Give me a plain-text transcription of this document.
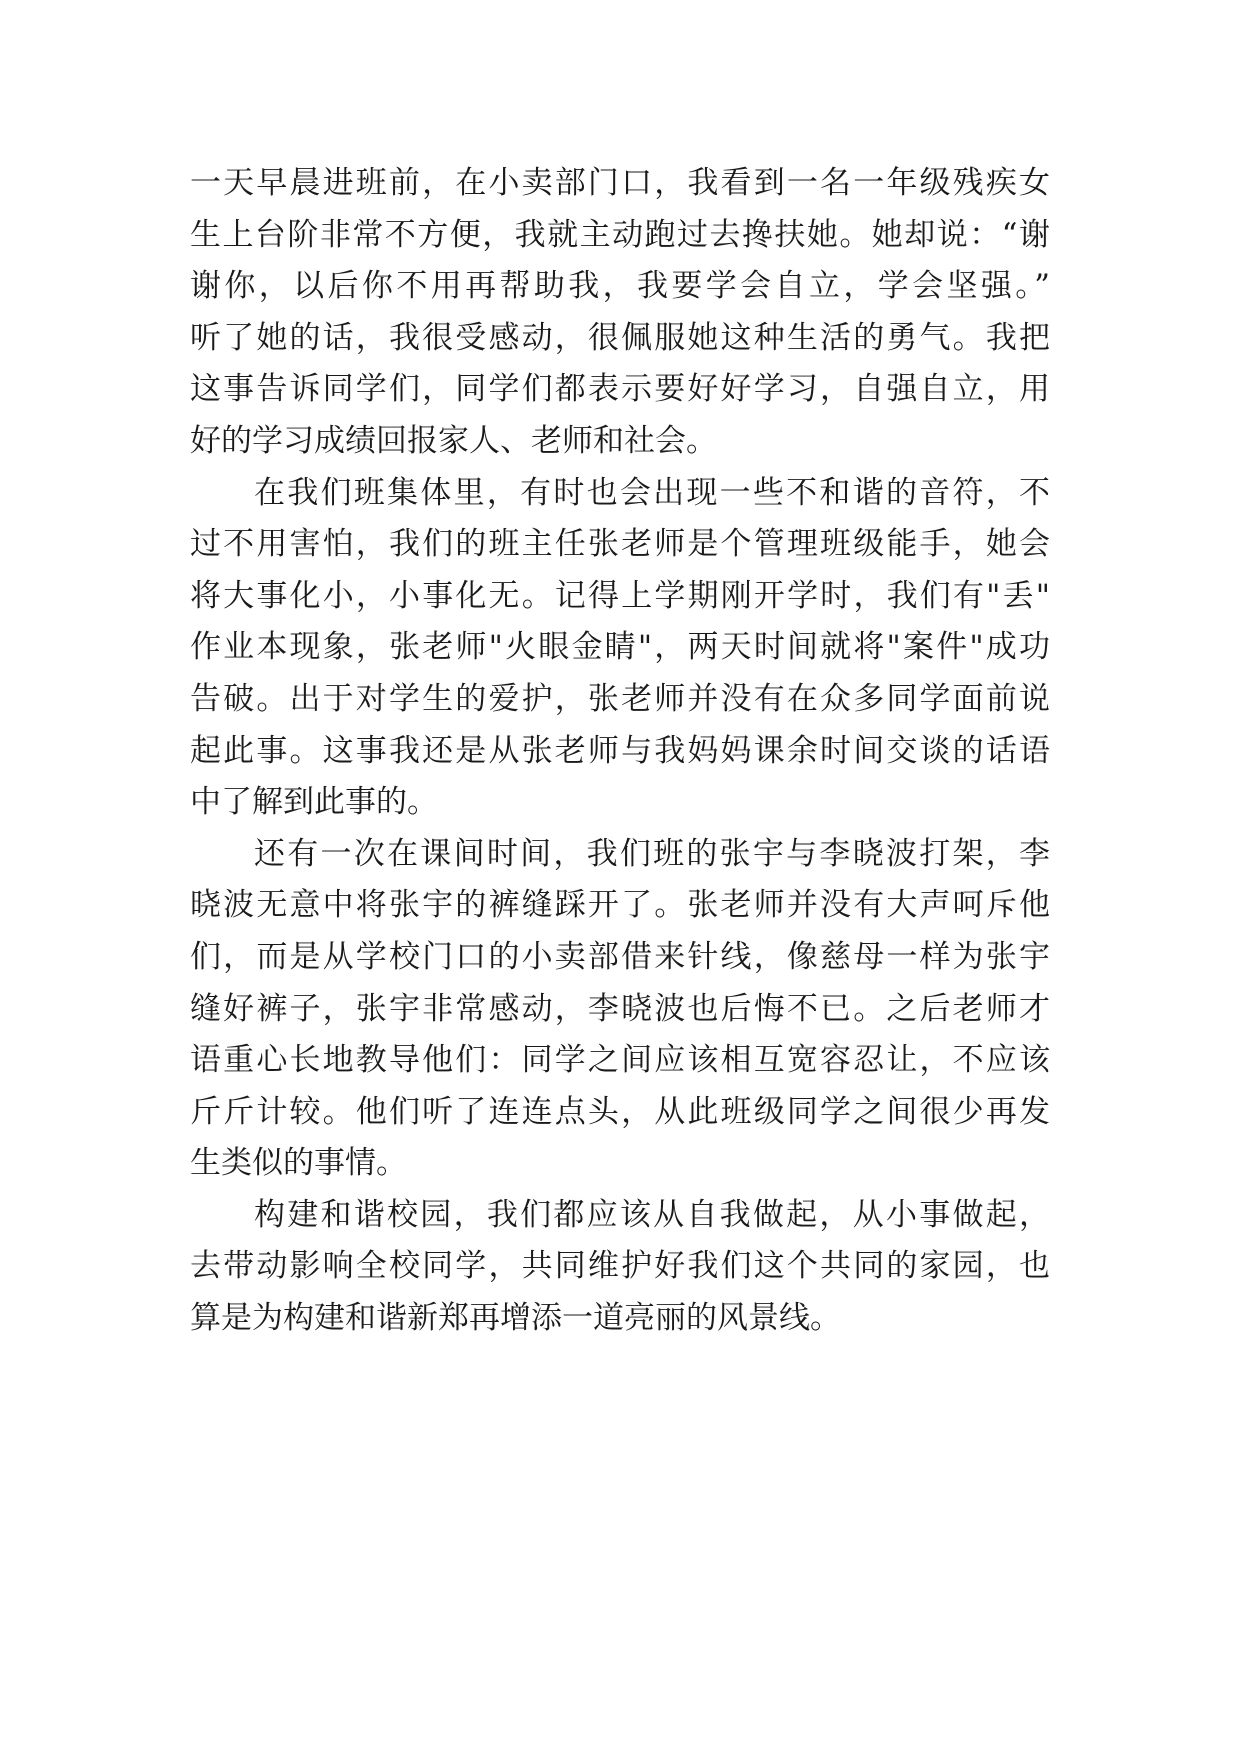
一天早晨进班前，在小卖部门口，我看到一名一年级残疾女
生上台阶非常不方便，我就主动跑过去搀扶她。她却说：“谢
谢你，以后你不用再帮助我，我要学会自立，学会坚强。”
听了她的话，我很受感动，很佩服她这种生活的勇气。我把
这事告诉同学们，同学们都表示要好好学习，自强自立，用
好的学习成绩回报家人、老师和社会。
在我们班集体里，有时也会出现一些不和谐的音符，不
过不用害怕，我们的班主任张老师是个管理班级能手，她会
将大事化小，小事化无。记得上学期刚开学时，我们有"丢"
作业本现象，张老师"火眼金睛"，两天时间就将"案件"成功
告破。出于对学生的爱护，张老师并没有在众多同学面前说
起此事。这事我还是从张老师与我妈妈课余时间交谈的话语
中了解到此事的。
还有一次在课间时间，我们班的张宇与李晓波打架，李
晓波无意中将张宇的裤缝踩开了。张老师并没有大声呵斥他
们，而是从学校门口的小卖部借来针线，像慈母一样为张宇
缝好裤子，张宇非常感动，李晓波也后悔不已。之后老师才
语重心长地教导他们：同学之间应该相互宽容忍让，不应该
斤斤计较。他们听了连连点头，从此班级同学之间很少再发
生类似的事情。
构建和谐校园，我们都应该从自我做起，从小事做起，
去带动影响全校同学，共同维护好我们这个共同的家园，也
算是为构建和谐新郑再增添一道亮丽的风景线。
